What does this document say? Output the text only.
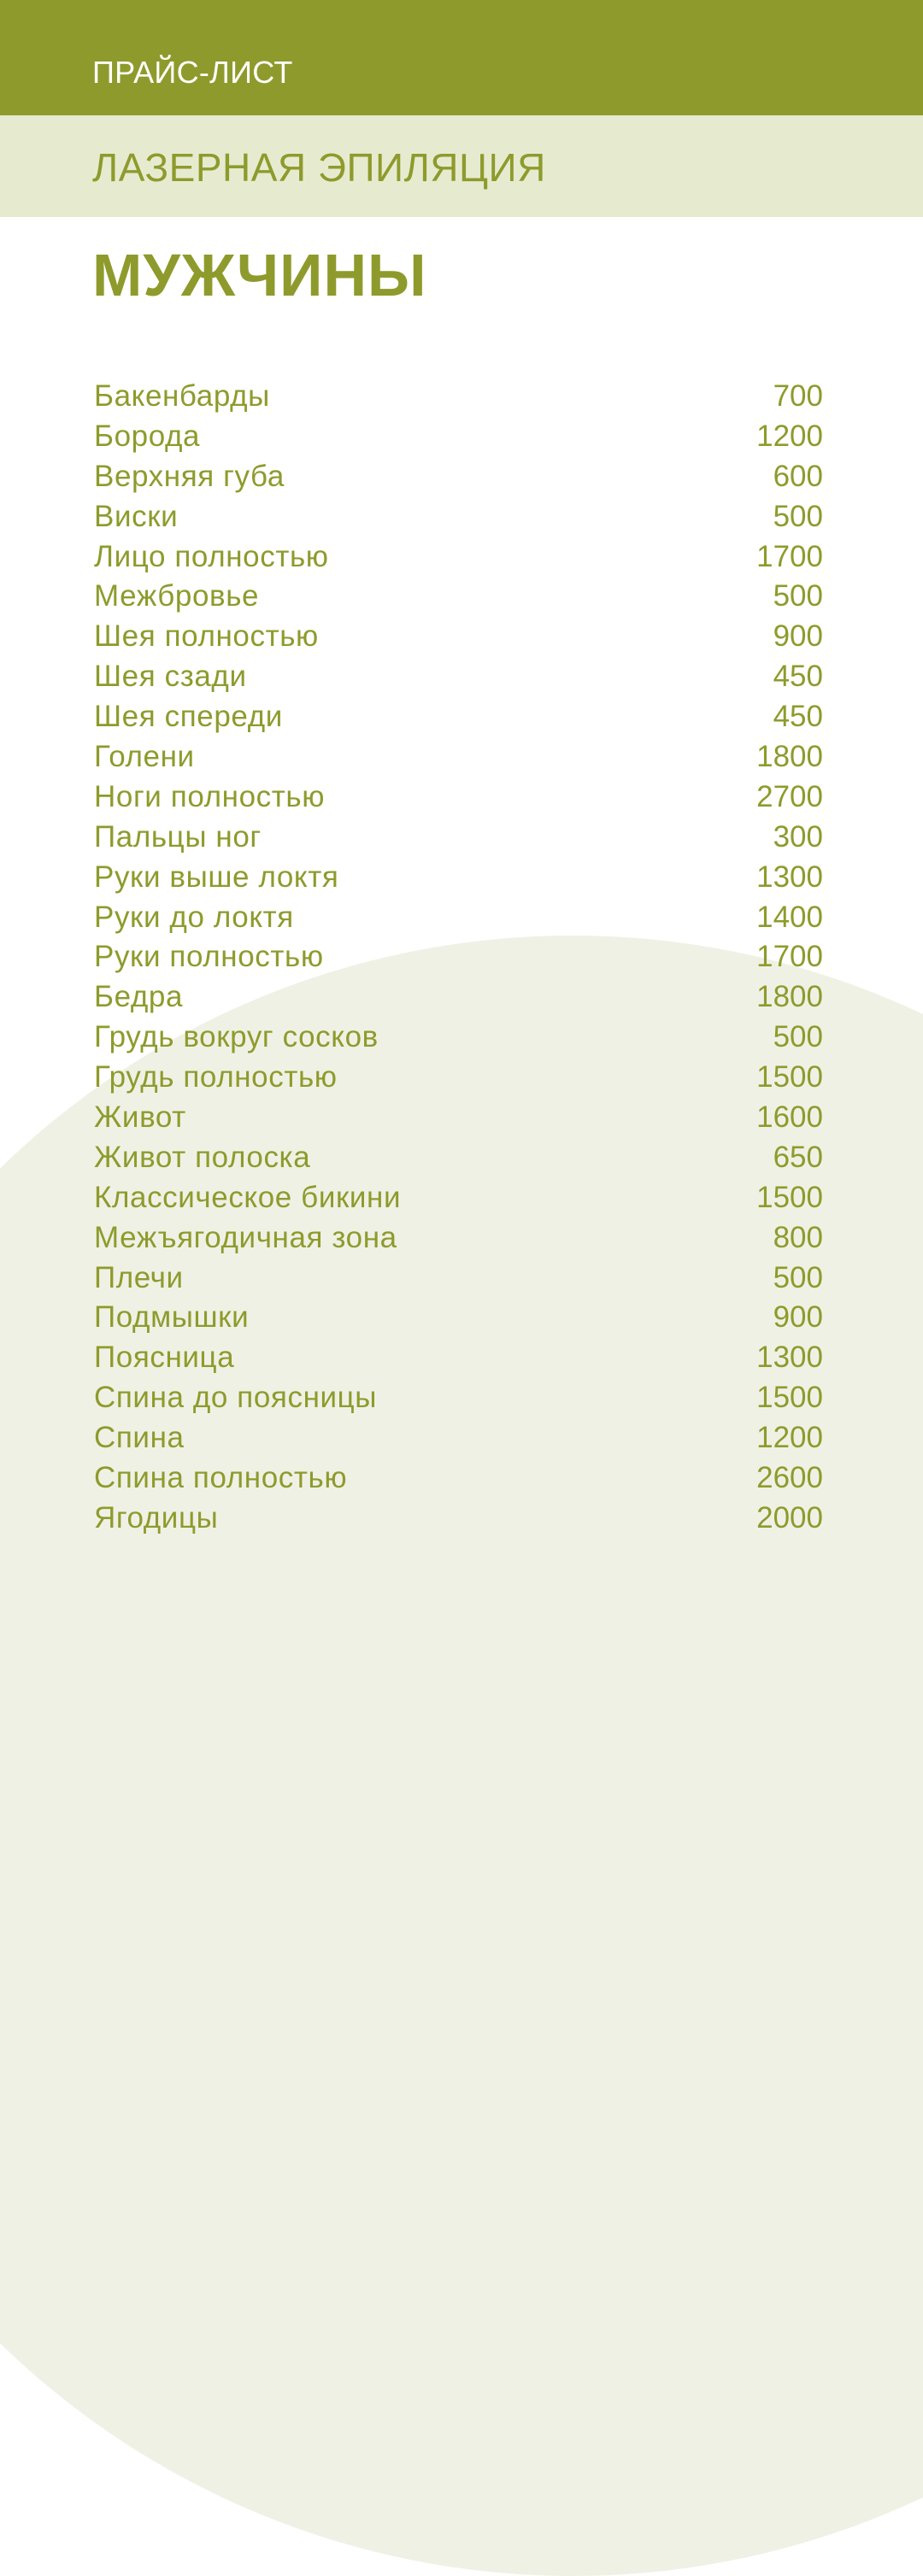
ПРАЙС-ЛИСТ
ЛАЗЕРНАЯ ЭПИЛЯЦИЯ
МУЖЧИНЫ
Бакенбарды	700
Борода	1200
Верхняя губа	600
Виски	500
Лицо полностью	1700
Межбровье	500
Шея полностью	900
Шея сзади	450
Шея спереди	450
Голени	1800
Ноги полностью	2700
Пальцы ног	300
Руки выше локтя	1300
Руки до локтя	1400
Руки полностью	1700
Бедра	1800
Грудь вокруг сосков	500
Грудь полностью	1500
Живот	1600
Живот полоска	650
Классическое бикини	1500
Межъягодичная зона	800
Плечи	500
Подмышки	900
Поясница	1300
Спина до поясницы	1500
Спина	1200
Спина полностью	2600
Ягодицы	2000
